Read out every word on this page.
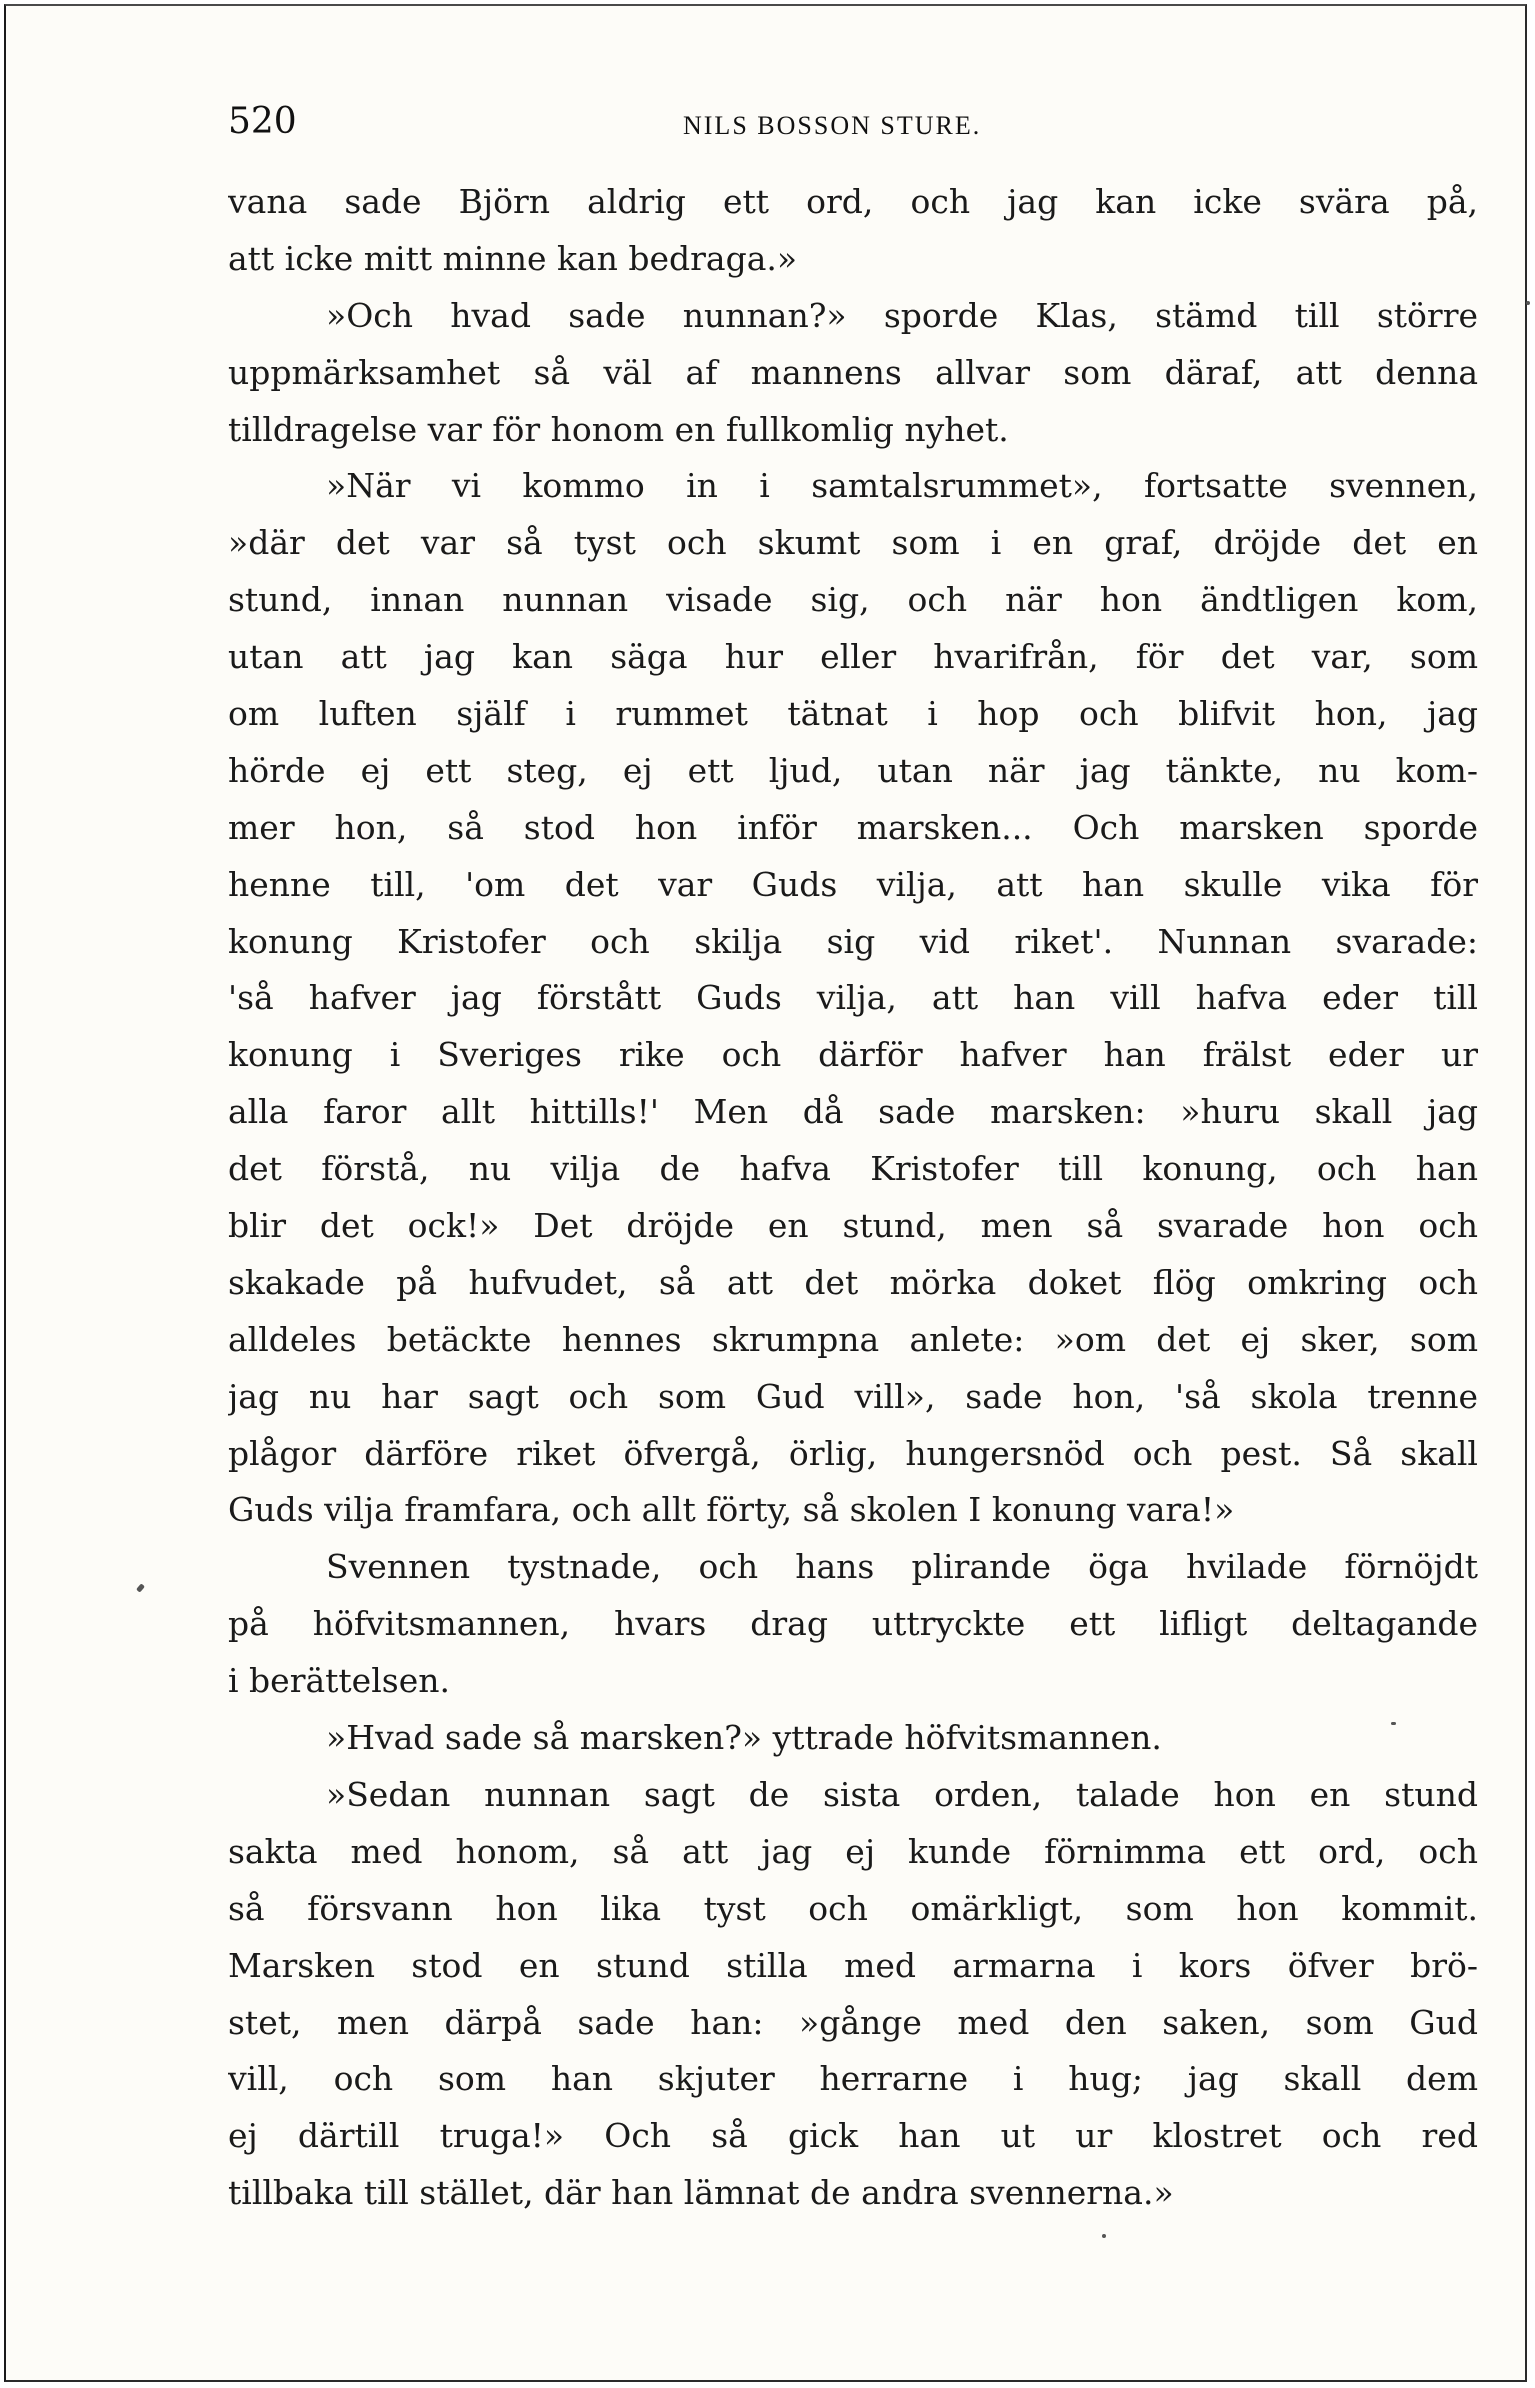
520	NILS BOSSON STURE.
vana sade Björn aldrig ett ord, och jag kan icke svära på,
att icke mitt minne kan bedraga.»
»Och hvad sade nunnan?» sporde Klas, stämd till större
uppmärksamhet så väl af mannens allvar som däraf, att denna
tilldragelse var för honom en fullkomlig nyhet.
»När vi kommo in i samtalsrummet», fortsatte svennen,
»där det var så tyst och skumt som i en graf, dröjde det en
stund, innan nunnan visade sig, och när hon ändtligen kom,
utan att jag kan säga hur eller hvarifrån, för det var, som
om luften själf i rummet tätnat i hop och blifvit hon, jag
hörde ej ett steg, ej ett ljud, utan när jag tänkte, nu kom-
mer hon, så stod hon inför marsken... Och marsken sporde
henne till, 'om det var Guds vilja, att han skulle vika för
konung Kristofer och skilja sig vid riket'. Nunnan svarade:
'så hafver jag förstått Guds vilja, att han vill hafva eder till
konung i Sveriges rike och därför hafver han frälst eder ur
alla faror allt hittills!' Men då sade marsken: »huru skall jag
det förstå, nu vilja de hafva Kristofer till konung, och han
blir det ock!» Det dröjde en stund, men så svarade hon och
skakade på hufvudet, så att det mörka doket flög omkring och
alldeles betäckte hennes skrumpna anlete: »om det ej sker, som
jag nu har sagt och som Gud vill», sade hon, 'så skola trenne
plågor därföre riket öfvergå, örlig, hungersnöd och pest. Så skall
Guds vilja framfara, och allt förty, så skolen I konung vara!»
Svennen tystnade, och hans plirande öga hvilade förnöjdt
på höfvitsmannen, hvars drag uttryckte ett lifligt deltagande
i berättelsen.
»Hvad sade så marsken?» yttrade höfvitsmannen.
»Sedan nunnan sagt de sista orden, talade hon en stund
sakta med honom, så att jag ej kunde förnimma ett ord, och
så försvann hon lika tyst och omärkligt, som hon kommit.
Marsken stod en stund stilla med armarna i kors öfver brö-
stet, men därpå sade han: »gånge med den saken, som Gud
vill, och som han skjuter herrarne i hug; jag skall dem
ej därtill truga!» Och så gick han ut ur klostret och red
tillbaka till stället, där han lämnat de andra svennerna.»
